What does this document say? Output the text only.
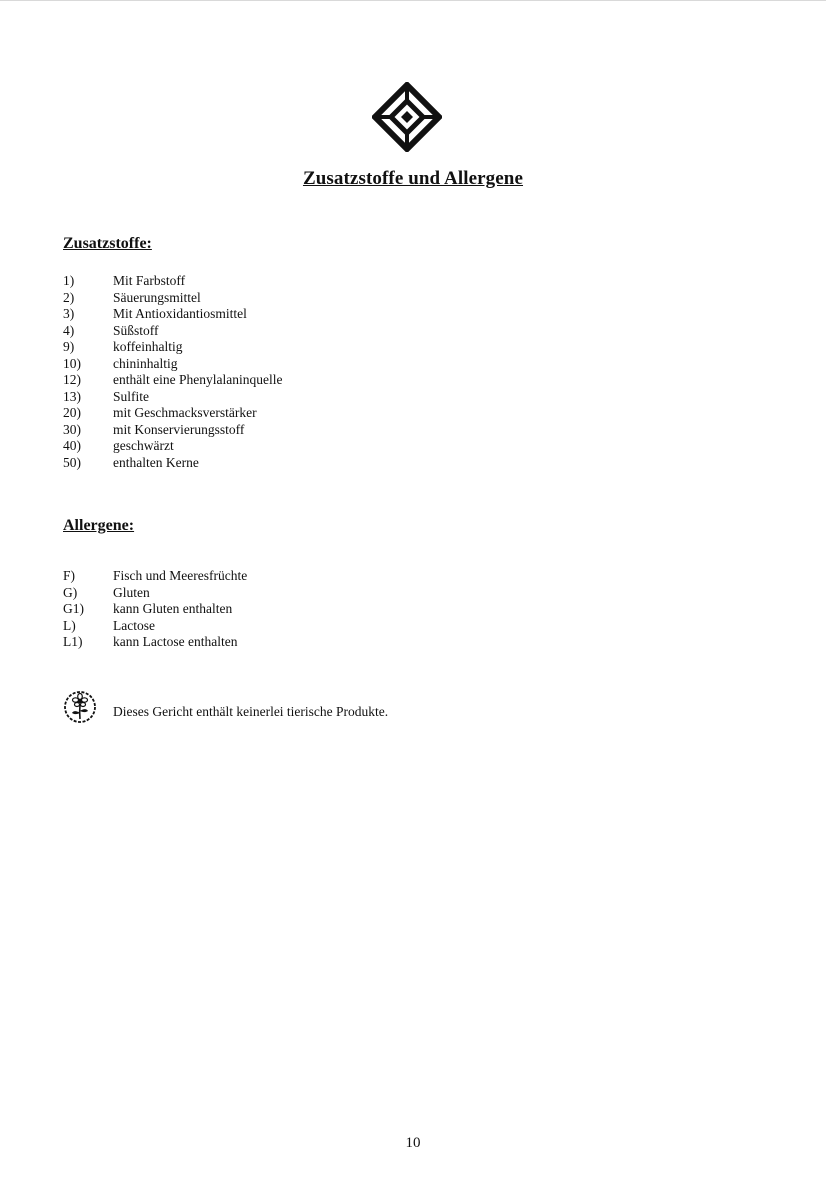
Zusatzstoffe und Allergene
Zusatzstoffe:
1)	Mit Farbstoff
2)	Säuerungsmittel
3)	Mit Antioxidantiosmittel
4)	Süßstoff
9)	koffeinhaltig
10)	chininhaltig
12)	enthält eine Phenylalaninquelle
13)	Sulfite
20)	mit Geschmacksverstärker
30)	mit Konservierungsstoff
40)	geschwärzt
50)	enthalten Kerne
Allergene:
F)	Fisch und Meeresfrüchte
G)	Gluten
G1)	kann Gluten enthalten
L)	Lactose
L1)	kann Lactose enthalten
Dieses Gericht enthält keinerlei tierische Produkte.
10
